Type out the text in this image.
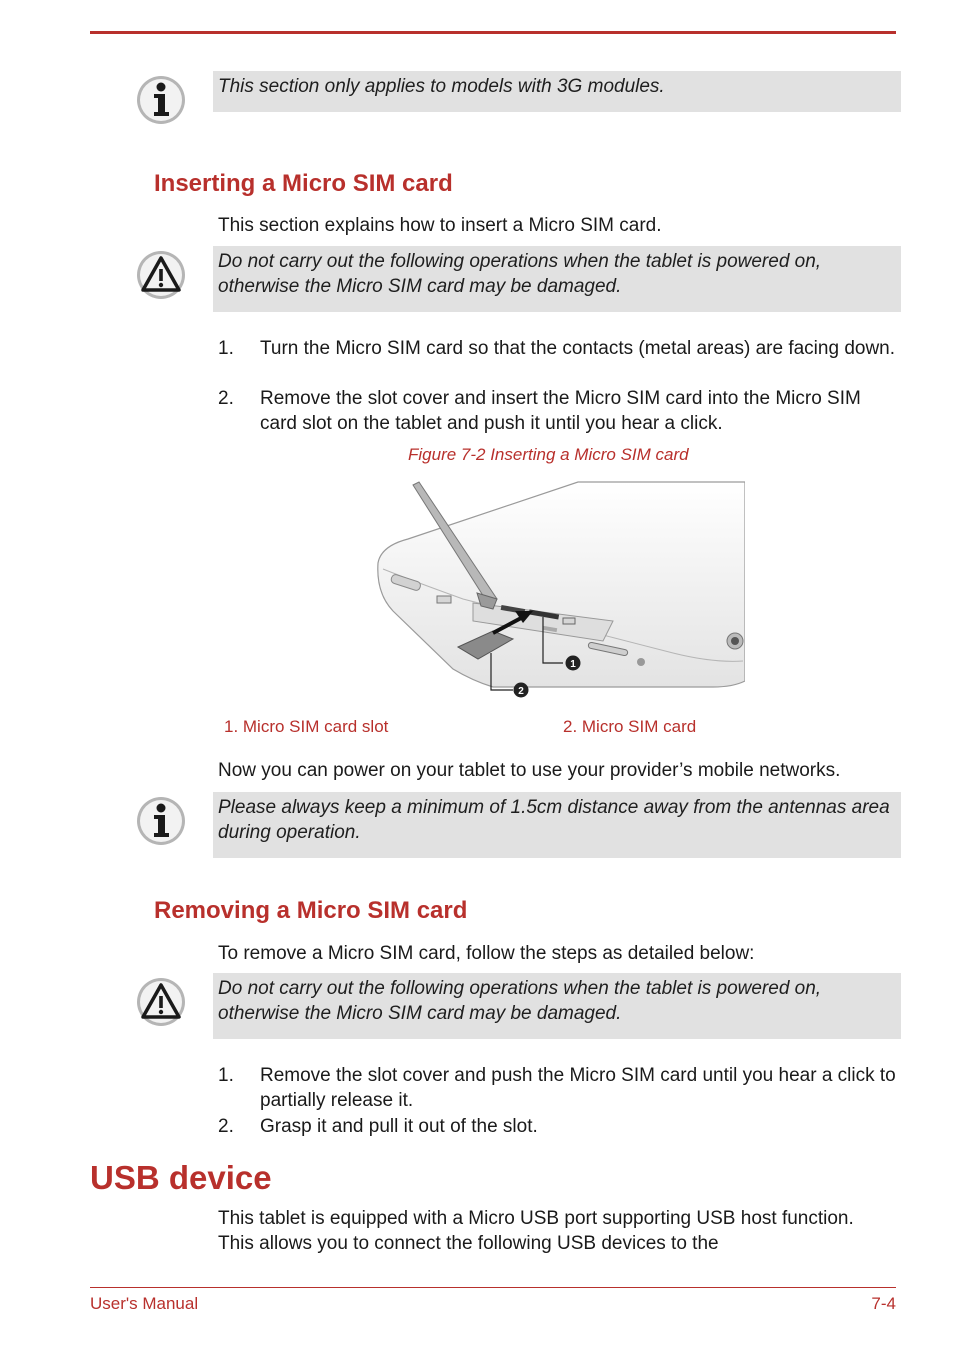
This section only applies to models with 3G modules.
Inserting a Micro SIM card
This section explains how to insert a Micro SIM card.
Do not carry out the following operations when the tablet is powered on, otherwise the Micro SIM card may be damaged.
1. Turn the Micro SIM card so that the contacts (metal areas) are facing down.
2. Remove the slot cover and insert the Micro SIM card into the Micro SIM card slot on the tablet and push it until you hear a click.
Figure 7-2 Inserting a Micro SIM card
1
2
1. Micro SIM card slot	2. Micro SIM card
Now you can power on your tablet to use your provider’s mobile networks.
Please always keep a minimum of 1.5cm distance away from the antennas area during operation.
Removing a Micro SIM card
To remove a Micro SIM card, follow the steps as detailed below:
Do not carry out the following operations when the tablet is powered on, otherwise the Micro SIM card may be damaged.
1. Remove the slot cover and push the Micro SIM card until you hear a click to partially release it.
2. Grasp it and pull it out of the slot.
USB device
This tablet is equipped with a Micro USB port supporting USB host function. This allows you to connect the following USB devices to the
User's Manual	7-4
